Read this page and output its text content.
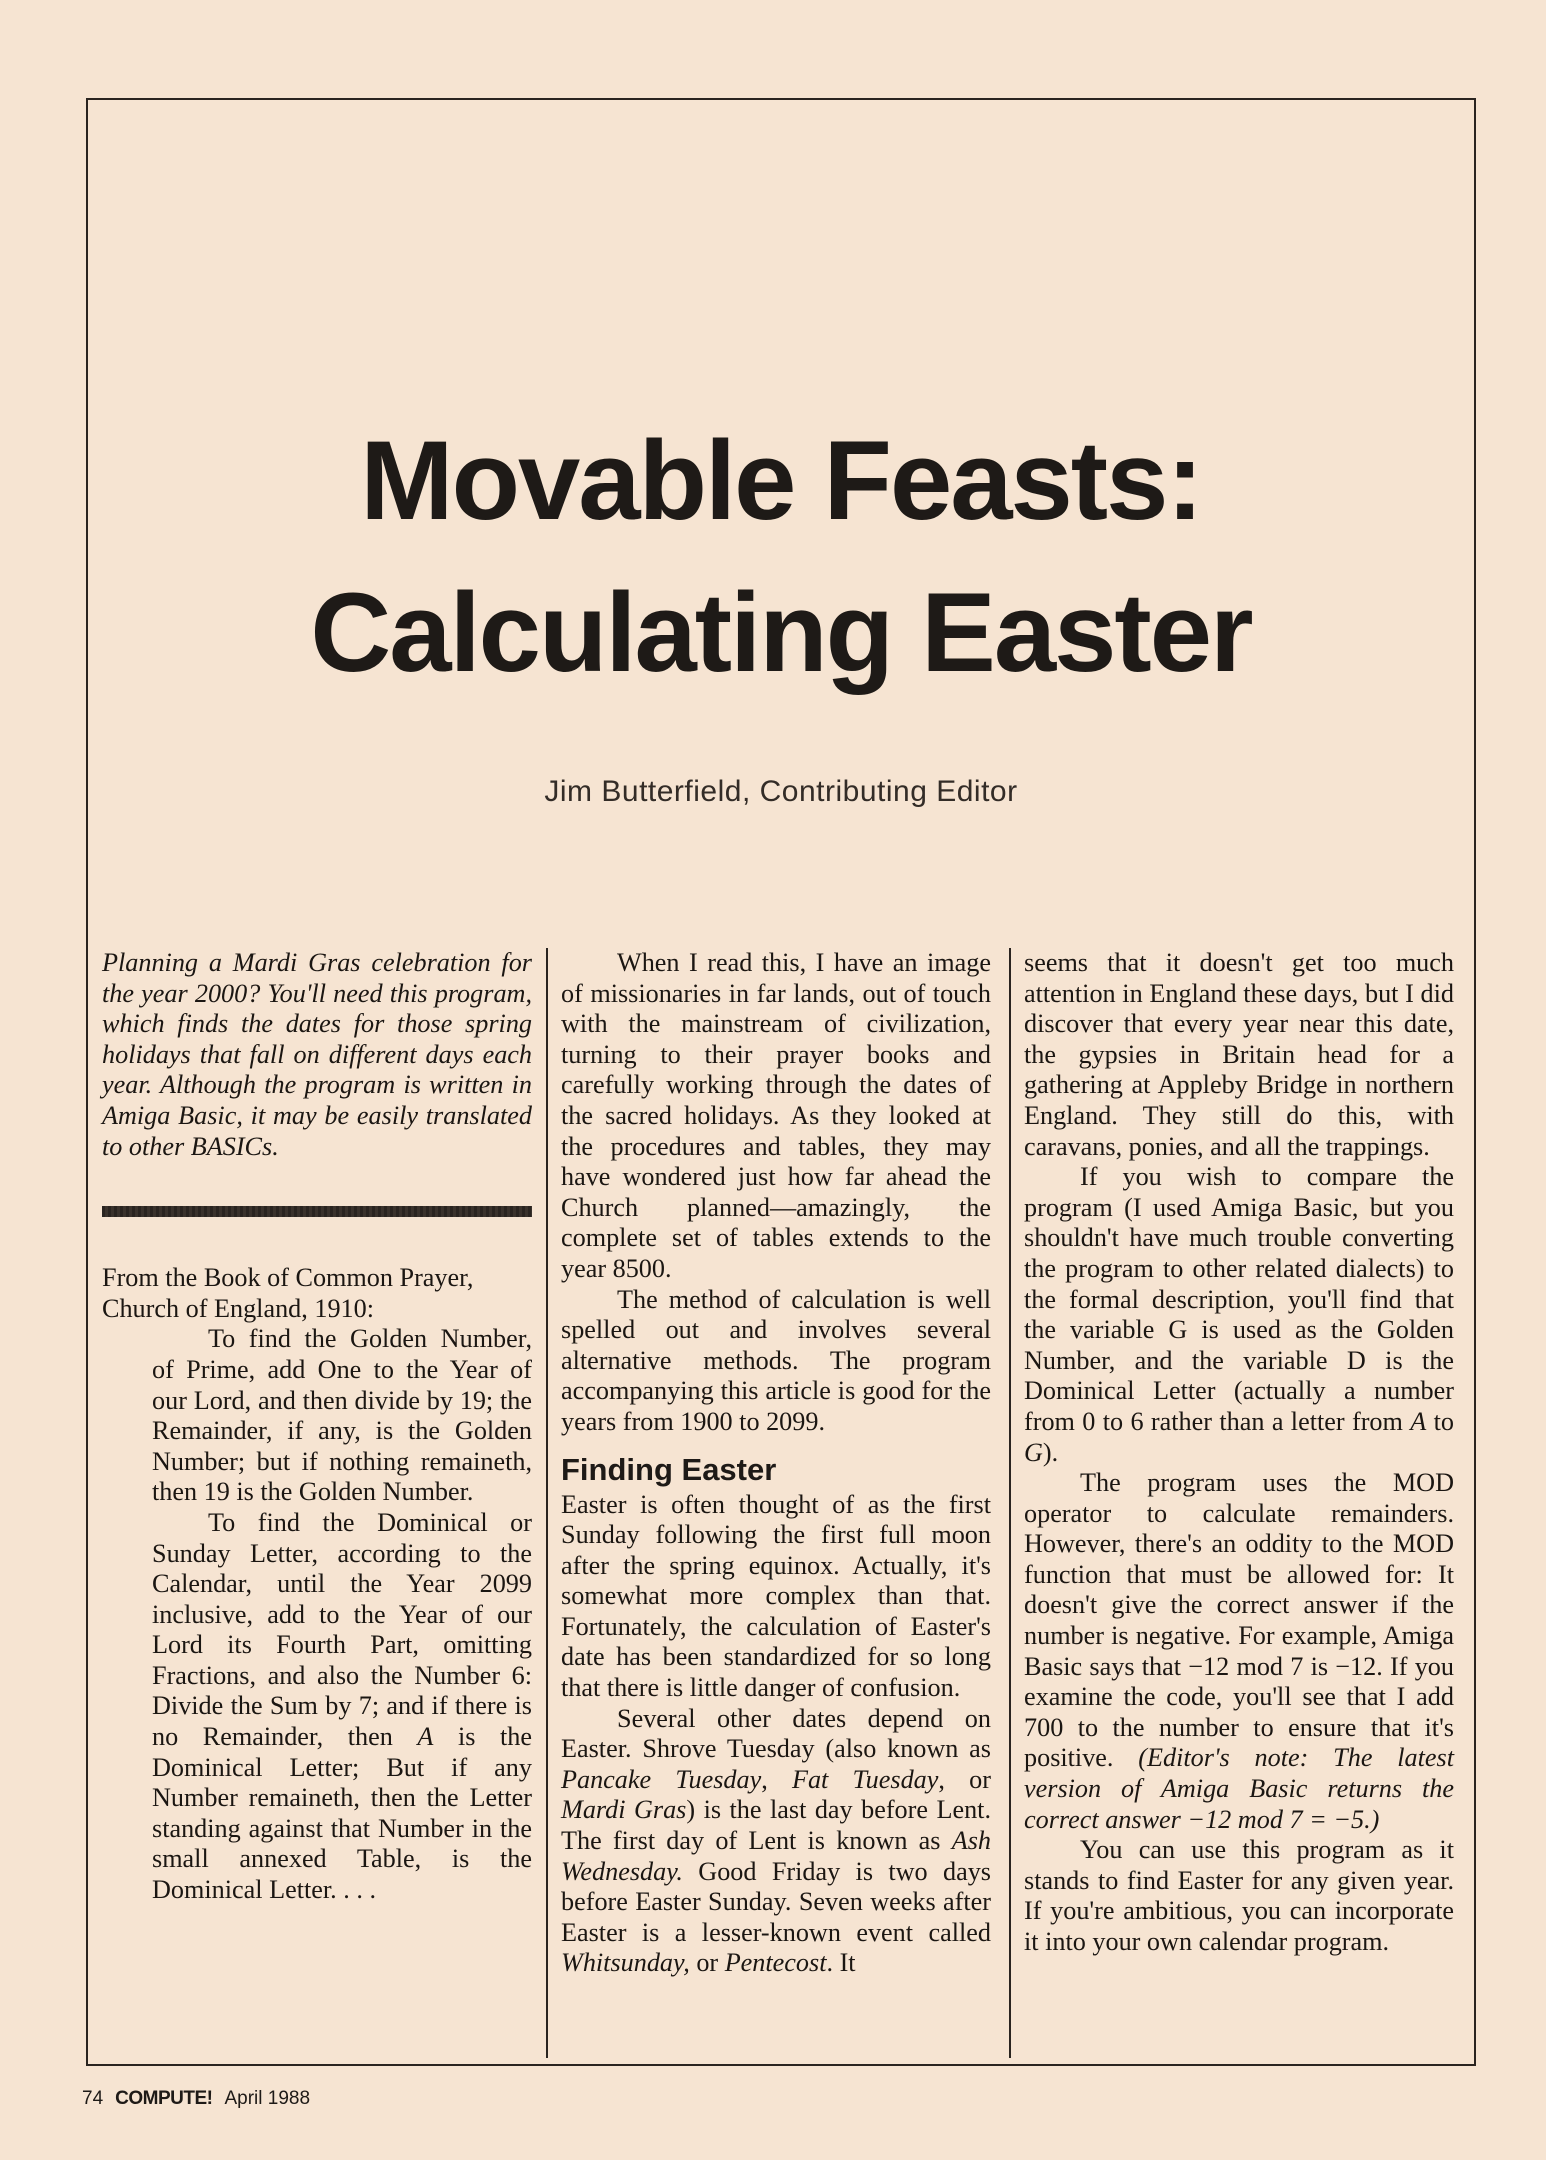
Movable Feasts:
Calculating Easter
Jim Butterfield, Contributing Editor

Planning a Mardi Gras celebration for the year 2000? You'll need this program, which finds the dates for those spring holidays that fall on different days each year. Although the program is written in Amiga Basic, it may be easily translated to other BASICs.

From the Book of Common Prayer, Church of England, 1910:

To find the Golden Number, of Prime, add One to the Year of our Lord, and then divide by 19; the Remainder, if any, is the Golden Number; but if nothing remaineth, then 19 is the Golden Number.

To find the Dominical or Sunday Letter, according to the Calendar, until the Year 2099 inclusive, add to the Year of our Lord its Fourth Part, omitting Fractions, and also the Number 6: Divide the Sum by 7; and if there is no Remainder, then A is the Dominical Letter; But if any Number remaineth, then the Letter standing against that Number in the small annexed Table, is the Dominical Letter. . . .

When I read this, I have an image of missionaries in far lands, out of touch with the mainstream of civilization, turning to their prayer books and carefully working through the dates of the sacred holidays. As they looked at the procedures and tables, they may have wondered just how far ahead the Church planned—amazingly, the complete set of tables extends to the year 8500.

The method of calculation is well spelled out and involves several alternative methods. The program accompanying this article is good for the years from 1900 to 2099.

Finding Easter

Easter is often thought of as the first Sunday following the first full moon after the spring equinox. Actually, it's somewhat more complex than that. Fortunately, the calculation of Easter's date has been standardized for so long that there is little danger of confusion.

Several other dates depend on Easter. Shrove Tuesday (also known as Pancake Tuesday, Fat Tuesday, or Mardi Gras) is the last day before Lent. The first day of Lent is known as Ash Wednesday. Good Friday is two days before Easter Sunday. Seven weeks after Easter is a lesser-known event called Whitsunday, or Pentecost. It

seems that it doesn't get too much attention in England these days, but I did discover that every year near this date, the gypsies in Britain head for a gathering at Appleby Bridge in northern England. They still do this, with caravans, ponies, and all the trappings.

If you wish to compare the program (I used Amiga Basic, but you shouldn't have much trouble converting the program to other related dialects) to the formal description, you'll find that the variable G is used as the Golden Number, and the variable D is the Dominical Letter (actually a number from 0 to 6 rather than a letter from A to G).

The program uses the MOD operator to calculate remainders. However, there's an oddity to the MOD function that must be allowed for: It doesn't give the correct answer if the number is negative. For example, Amiga Basic says that −12 mod 7 is −12. If you examine the code, you'll see that I add 700 to the number to ensure that it's positive. (Editor's note: The latest version of Amiga Basic returns the correct answer −12 mod 7 = −5.)

You can use this program as it stands to find Easter for any given year. If you're ambitious, you can incorporate it into your own calendar program.

74 COMPUTE! April 1988
